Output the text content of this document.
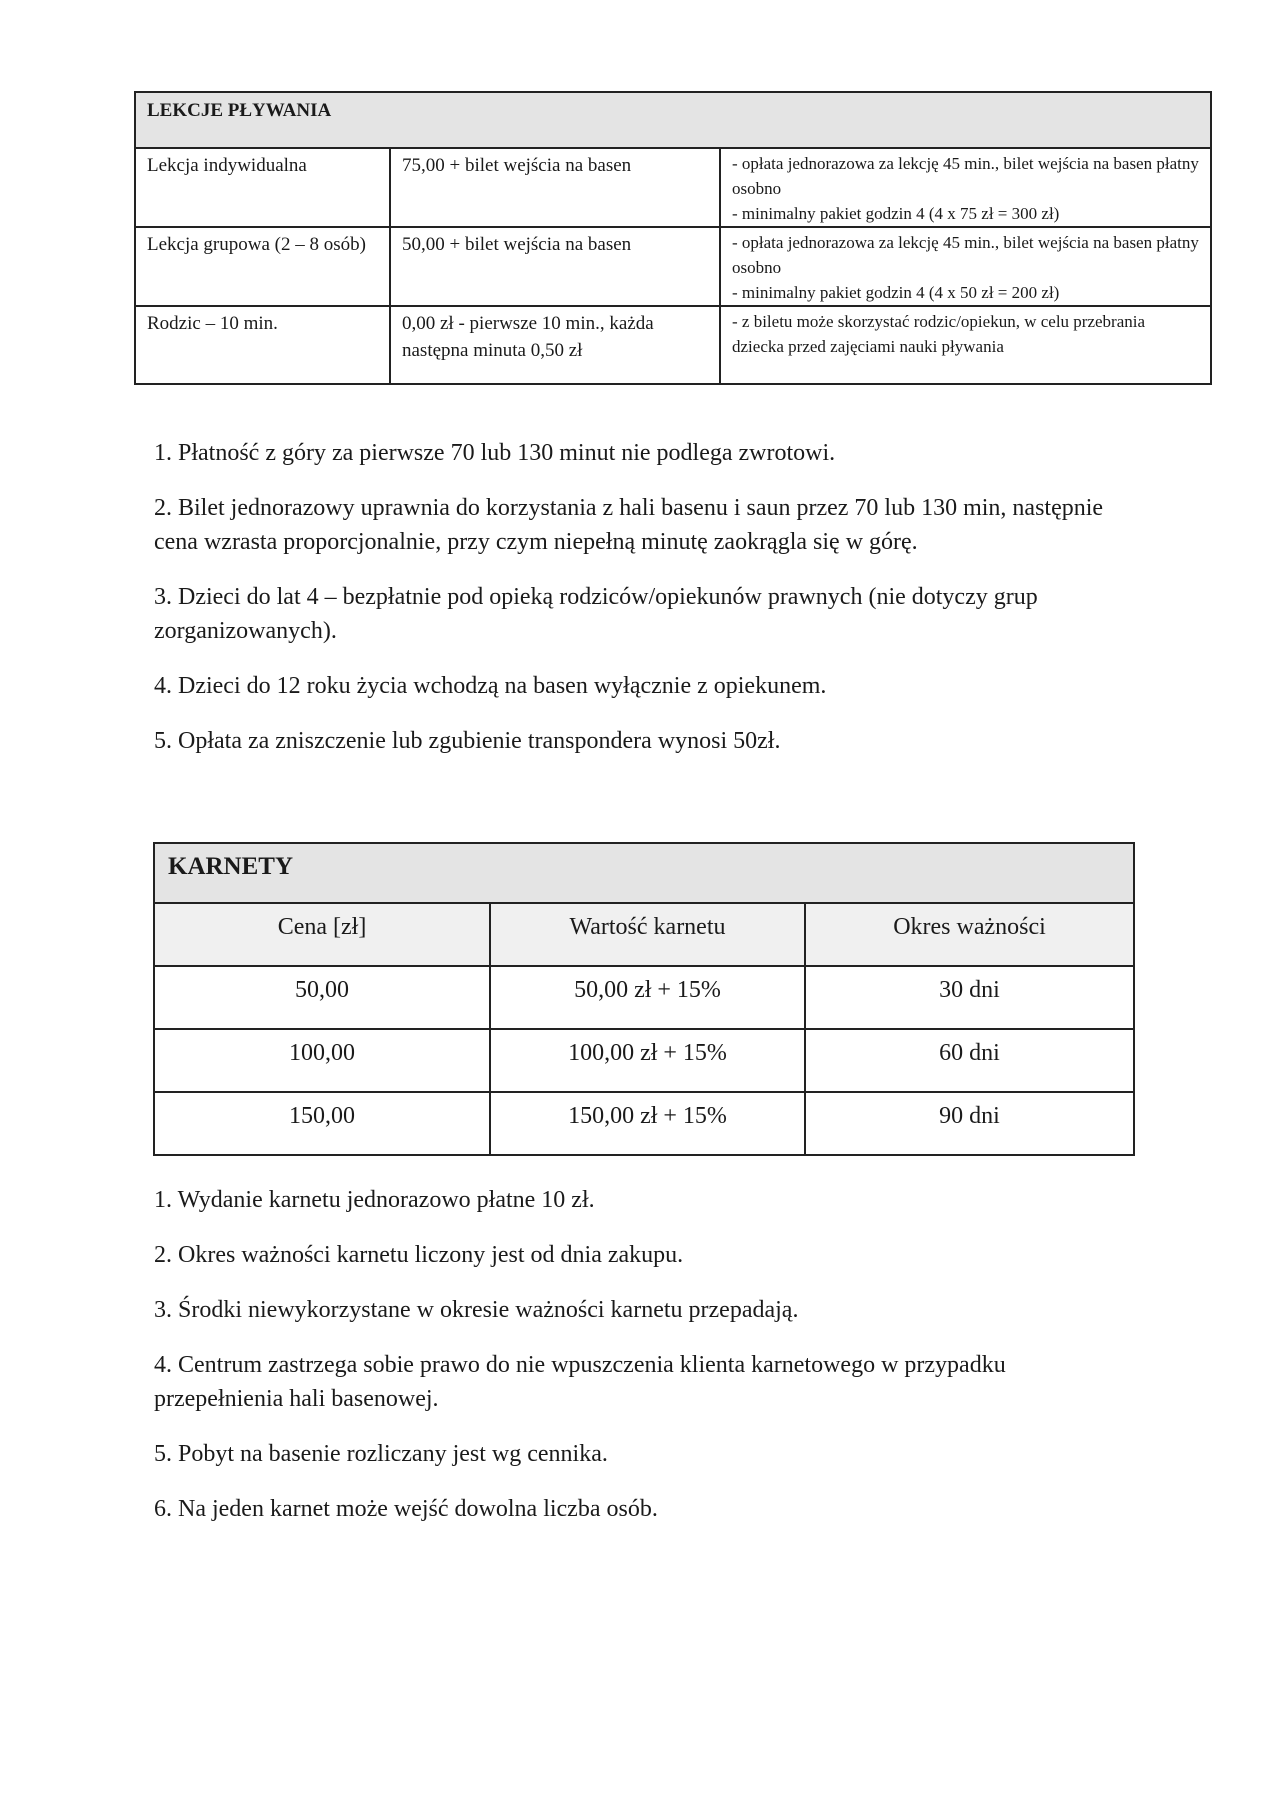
LEKCJE PŁYWANIA		
Lekcja indywidualna	75,00 + bilet wejścia na basen	- opłata jednorazowa za lekcję 45 min., bilet wejścia na basen płatny osobno
- minimalny pakiet godzin 4 (4 x 75 zł = 300 zł)

Lekcja grupowa (2 – 8 osób)	50,00 + bilet wejścia na basen	- opłata jednorazowa za lekcję 45 min., bilet wejścia na basen płatny osobno
- minimalny pakiet godzin 4 (4 x 50 zł = 200 zł)

Rodzic – 10 min.	0,00 zł - pierwsze 10 min., każda następna minuta 0,50 zł	- z biletu może skorzystać rodzic/opiekun, w celu przebrania dziecka przed zajęciami nauki pływania

1. Płatność z góry za pierwsze 70 lub 130 minut nie podlega zwrotowi.

2. Bilet jednorazowy uprawnia do korzystania z hali basenu i saun przez 70 lub 130 min, następnie cena wzrasta proporcjonalnie, przy czym niepełną minutę zaokrągla się w górę.

3. Dzieci do lat 4 – bezpłatnie pod opieką rodziców/opiekunów prawnych (nie dotyczy grup zorganizowanych).

4. Dzieci do 12 roku życia wchodzą na basen wyłącznie z opiekunem.

5. Opłata za zniszczenie lub zgubienie transpondera wynosi 50zł.

KARNETY		
Cena [zł]	Wartość karnetu	Okres ważności
50,00	50,00 zł + 15%	30 dni
100,00	100,00 zł + 15%	60 dni
150,00	150,00 zł + 15%	90 dni

1. Wydanie karnetu jednorazowo płatne 10 zł.

2. Okres ważności karnetu liczony jest od dnia zakupu.

3. Środki niewykorzystane w okresie ważności karnetu przepadają.

4. Centrum zastrzega sobie prawo do nie wpuszczenia klienta karnetowego w przypadku przepełnienia hali basenowej.

5. Pobyt na basenie rozliczany jest wg cennika.

6. Na jeden karnet może wejść dowolna liczba osób.
